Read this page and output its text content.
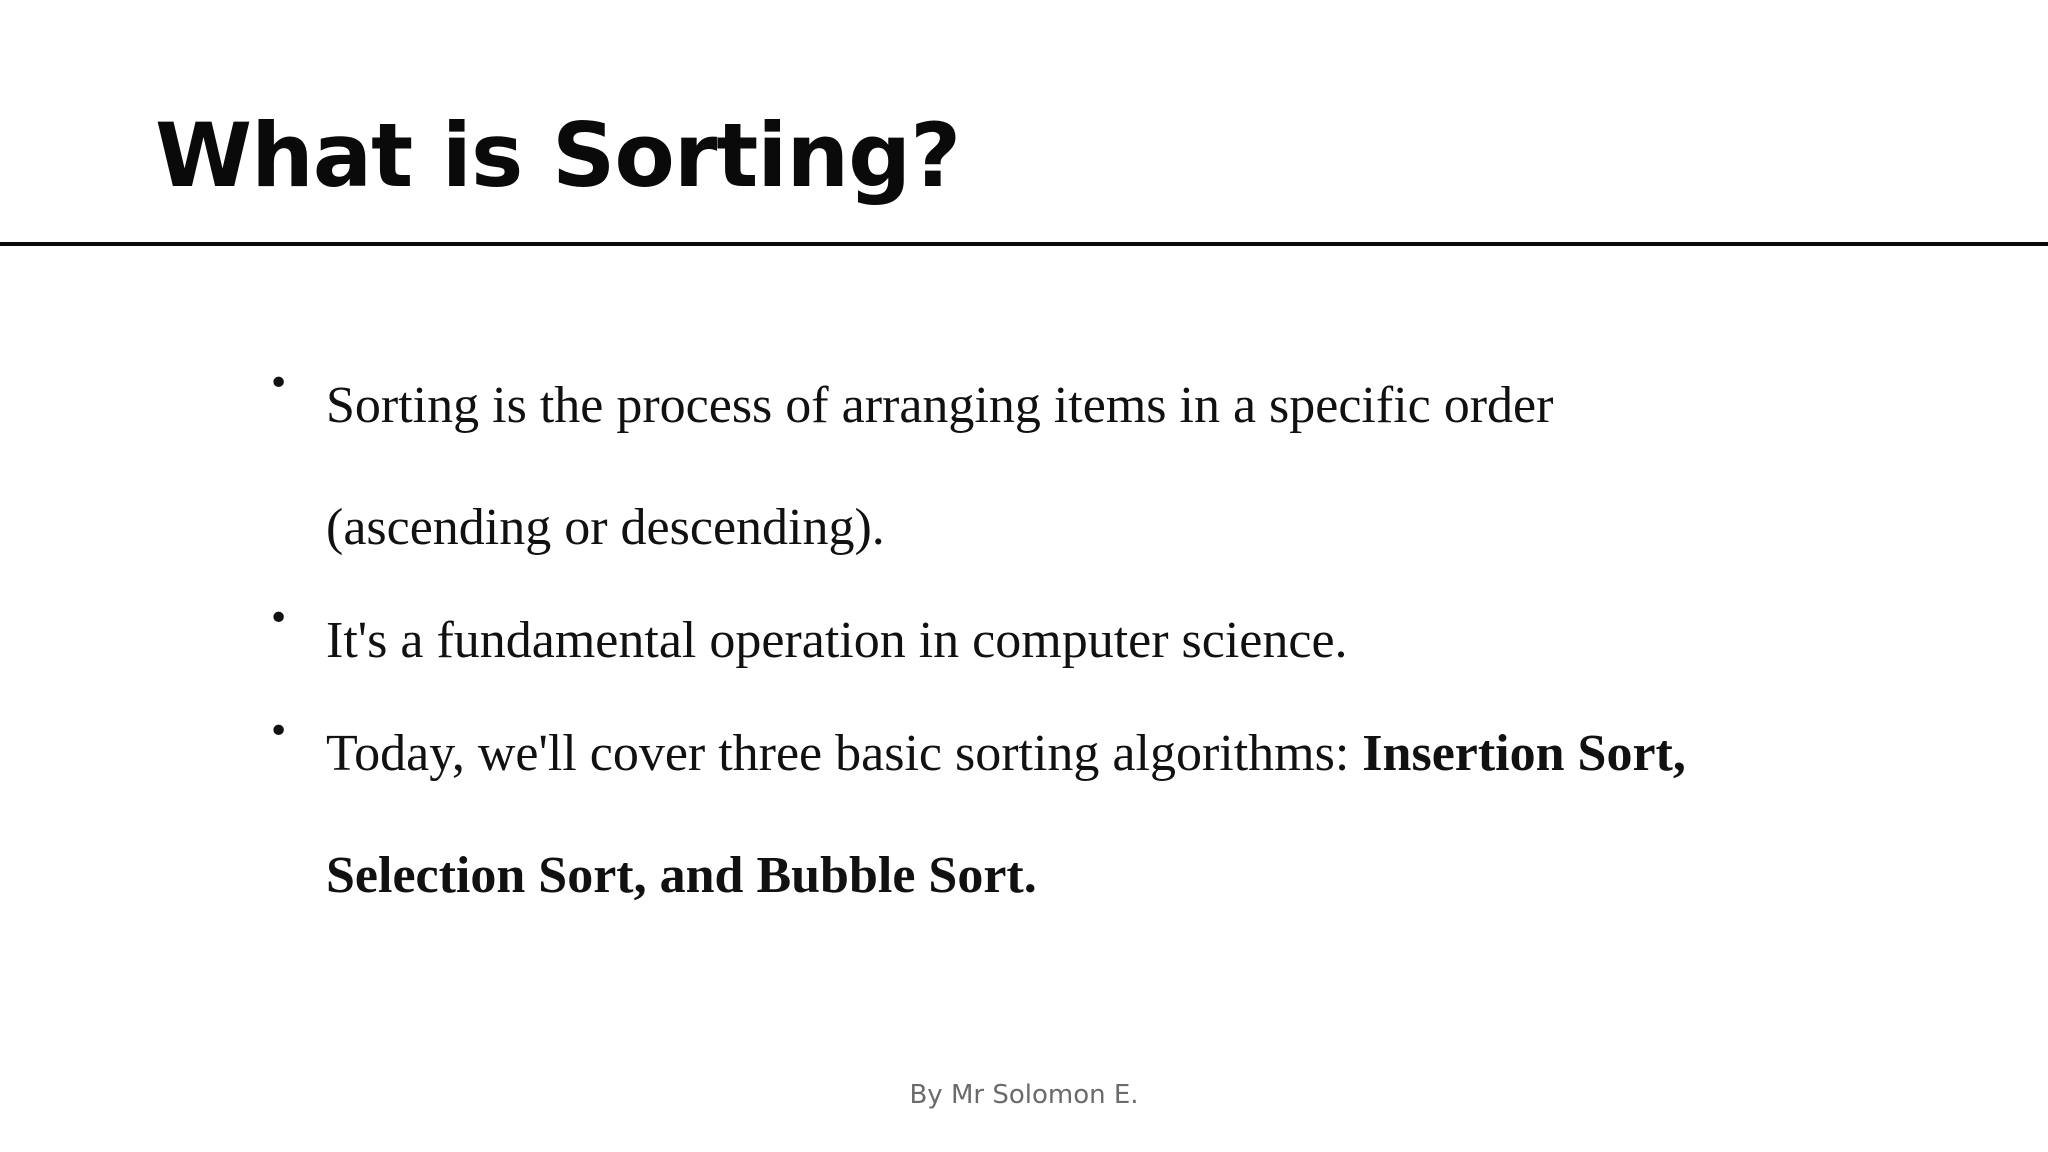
What is Sorting?
• Sorting is the process of arranging items in a specific order (ascending or descending).
• It's a fundamental operation in computer science.
• Today, we'll cover three basic sorting algorithms: Insertion Sort, Selection Sort, and Bubble Sort.
By Mr Solomon E.
